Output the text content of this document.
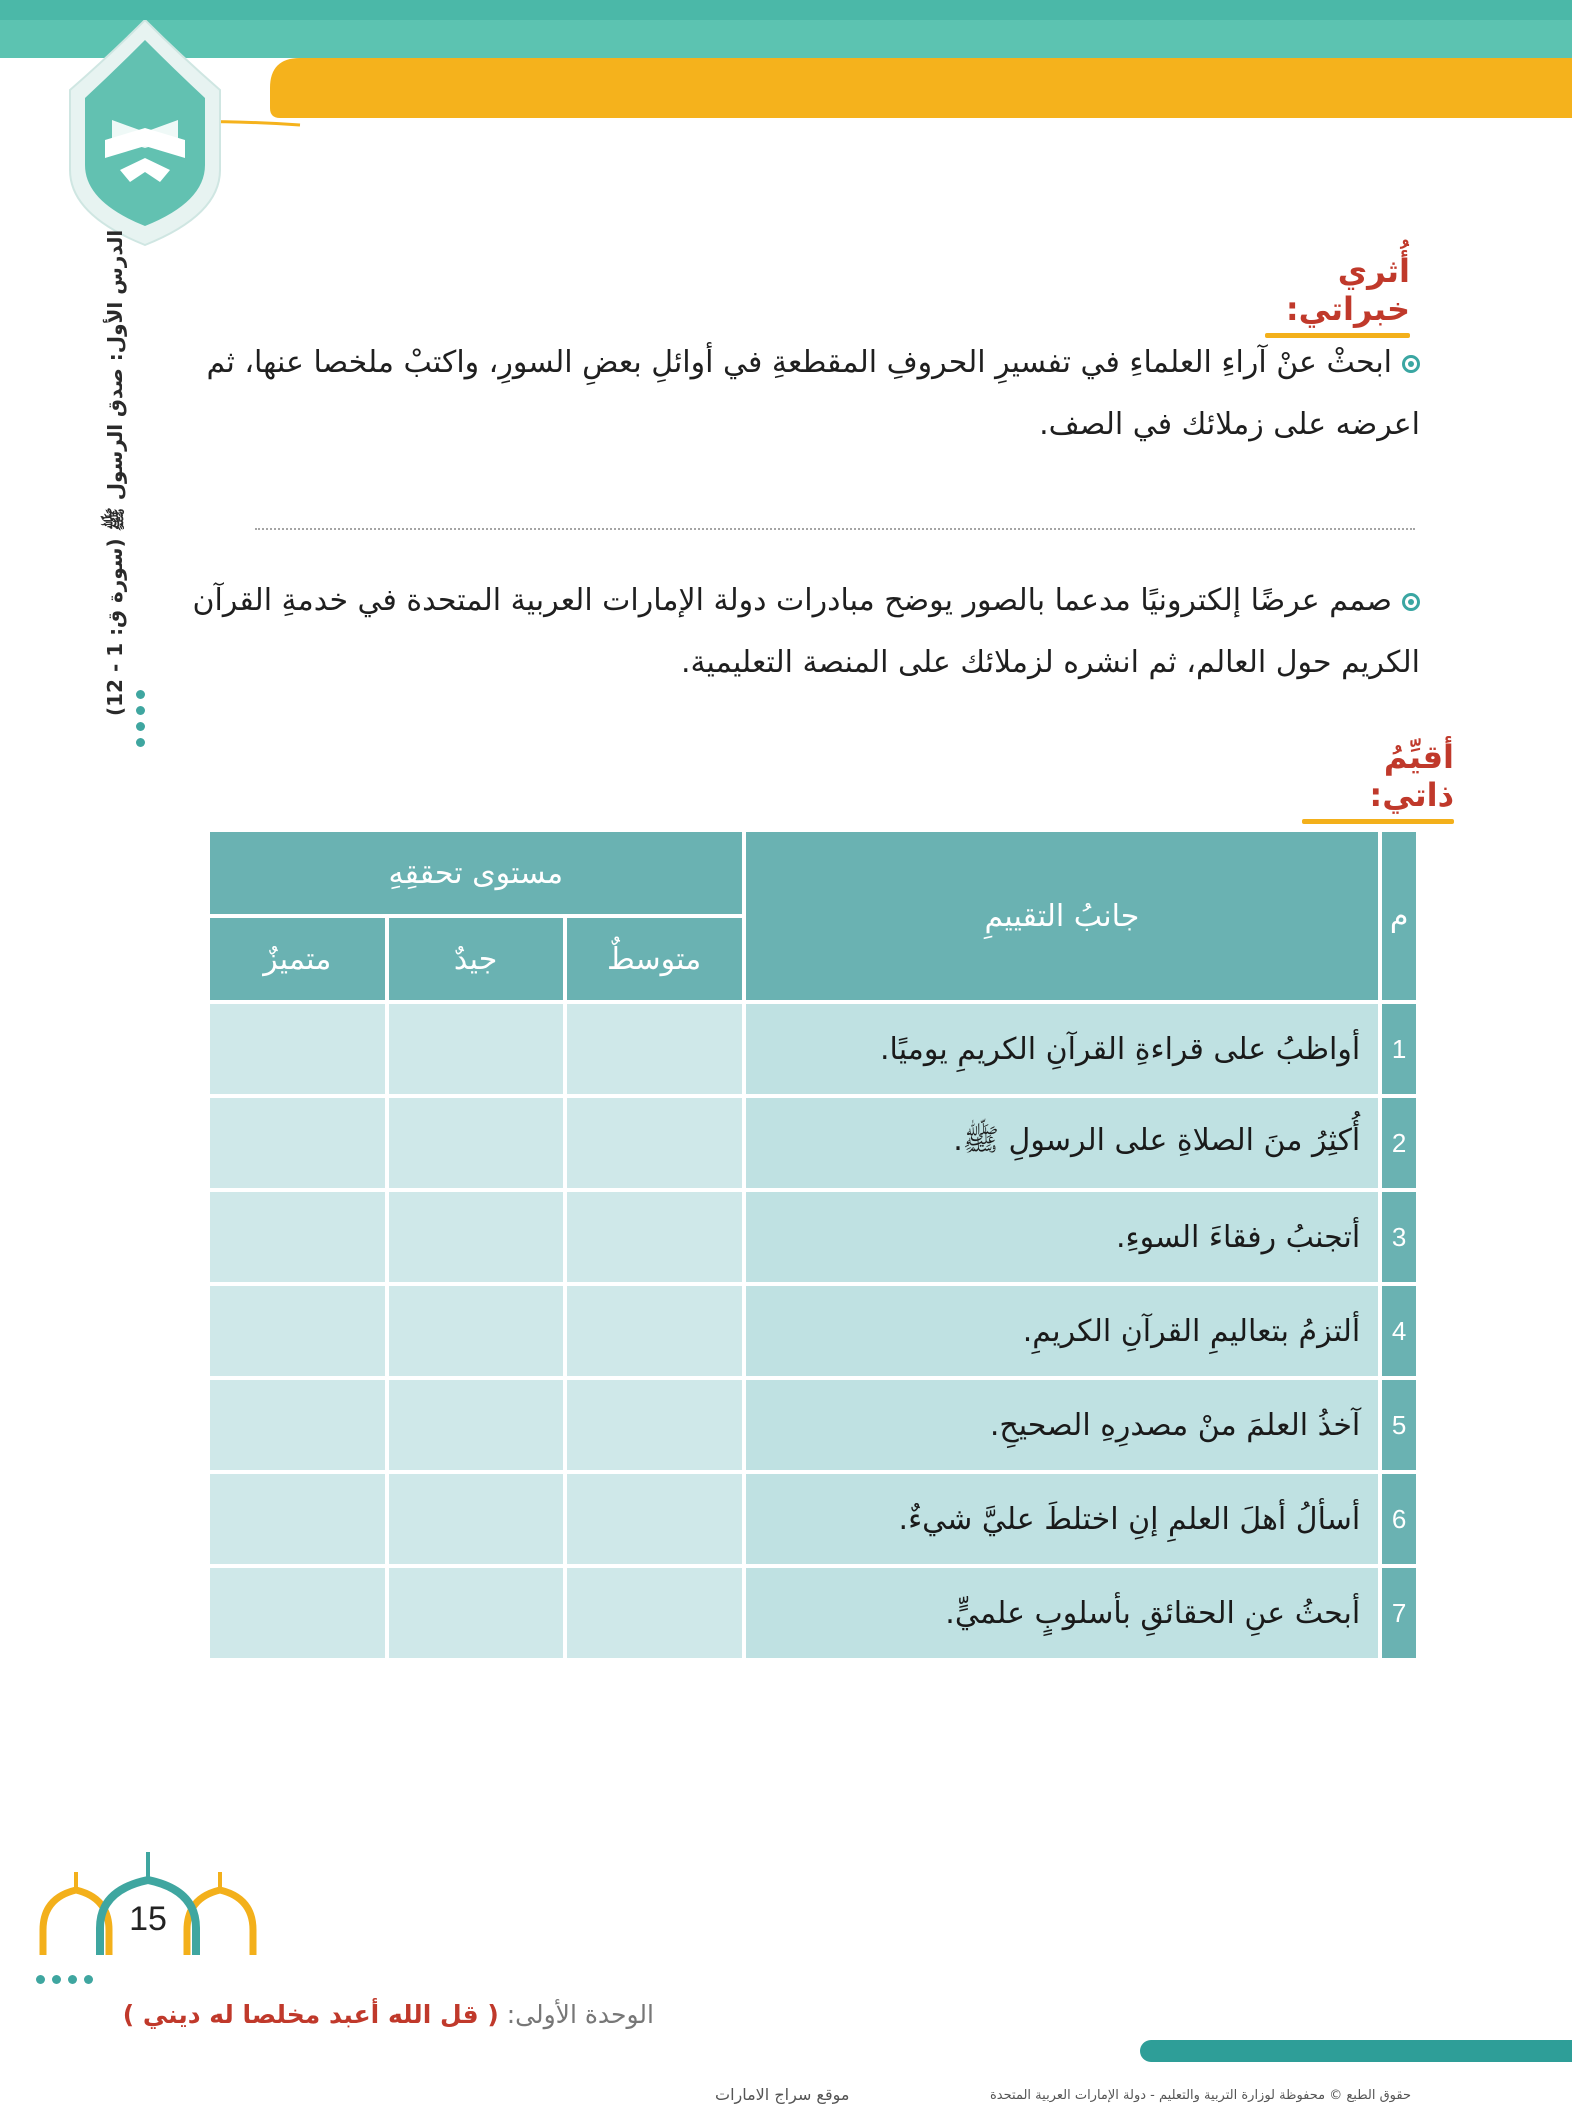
الدرس الأول: صدق الرسول ﷺ (سورة ق: 1 - 12)	أُثري خبراتي:
ابحثْ عنْ آراءِ العلماءِ في تفسيرِ الحروفِ المقطعةِ في أوائلِ بعضِ السورِ، واكتبْ ملخصا عنها، ثم اعرضه على زملائك في الصف.
صمم عرضًا إلكترونيًا مدعما بالصور يوضح مبادرات دولة الإمارات العربية المتحدة في خدمةِ القرآن الكريم حول العالم، ثم انشره لزملائك على المنصة التعليمية.
أقيِّمُ ذاتي:
م	جانبُ التقييمِ	مستوى تحققِهِ		
		متوسطٌ	جيدٌ	متميزٌ
1	أواظبُ على قراءةِ القرآنِ الكريمِ يوميًا.			
2	أُكثِرُ منَ الصلاةِ على الرسولِ ﷺ.			
3	أتجنبُ رفقاءَ السوءِ.			
4	ألتزمُ بتعاليمِ القرآنِ الكريمِ.			
5	آخذُ العلمَ منْ مصدرِهِ الصحيحِ.			
6	أسألُ أهلَ العلمِ إنِ اختلطَ عليَّ شيءٌ.			
7	أبحثُ عنِ الحقائقِ بأسلوبٍ علميٍّ.			
15
الوحدة الأولى: ( قل الله أعبد مخلصا له ديني )
حقوق الطبع © محفوظة لوزارة التربية والتعليم - دولة الإمارات العربية المتحدة
موقع سراج الامارات
